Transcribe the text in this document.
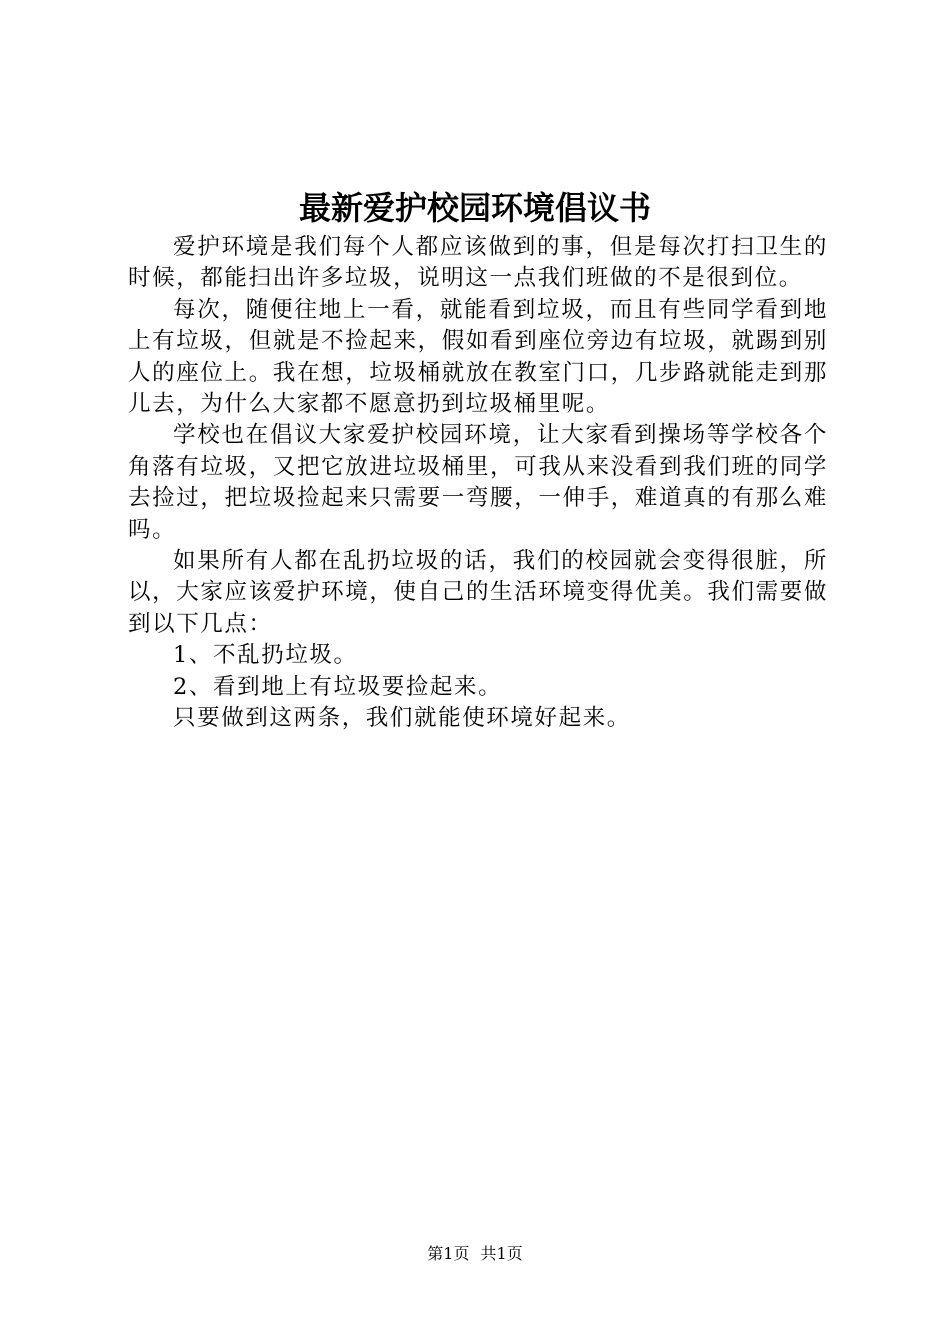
最新爱护校园环境倡议书

爱护环境是我们每个人都应该做到的事，但是每次打扫卫生的时候，都能扫出许多垃圾，说明这一点我们班做的不是很到位。

每次，随便往地上一看，就能看到垃圾，而且有些同学看到地上有垃圾，但就是不捡起来，假如看到座位旁边有垃圾，就踢到别人的座位上。我在想，垃圾桶就放在教室门口，几步路就能走到那儿去，为什么大家都不愿意扔到垃圾桶里呢。

学校也在倡议大家爱护校园环境，让大家看到操场等学校各个角落有垃圾，又把它放进垃圾桶里，可我从来没看到我们班的同学去捡过，把垃圾捡起来只需要一弯腰，一伸手，难道真的有那么难吗。

如果所有人都在乱扔垃圾的话，我们的校园就会变得很脏，所以，大家应该爱护环境，使自己的生活环境变得优美。我们需要做到以下几点：

1、不乱扔垃圾。

2、看到地上有垃圾要捡起来。

只要做到这两条，我们就能使环境好起来。

第1页 共1页
